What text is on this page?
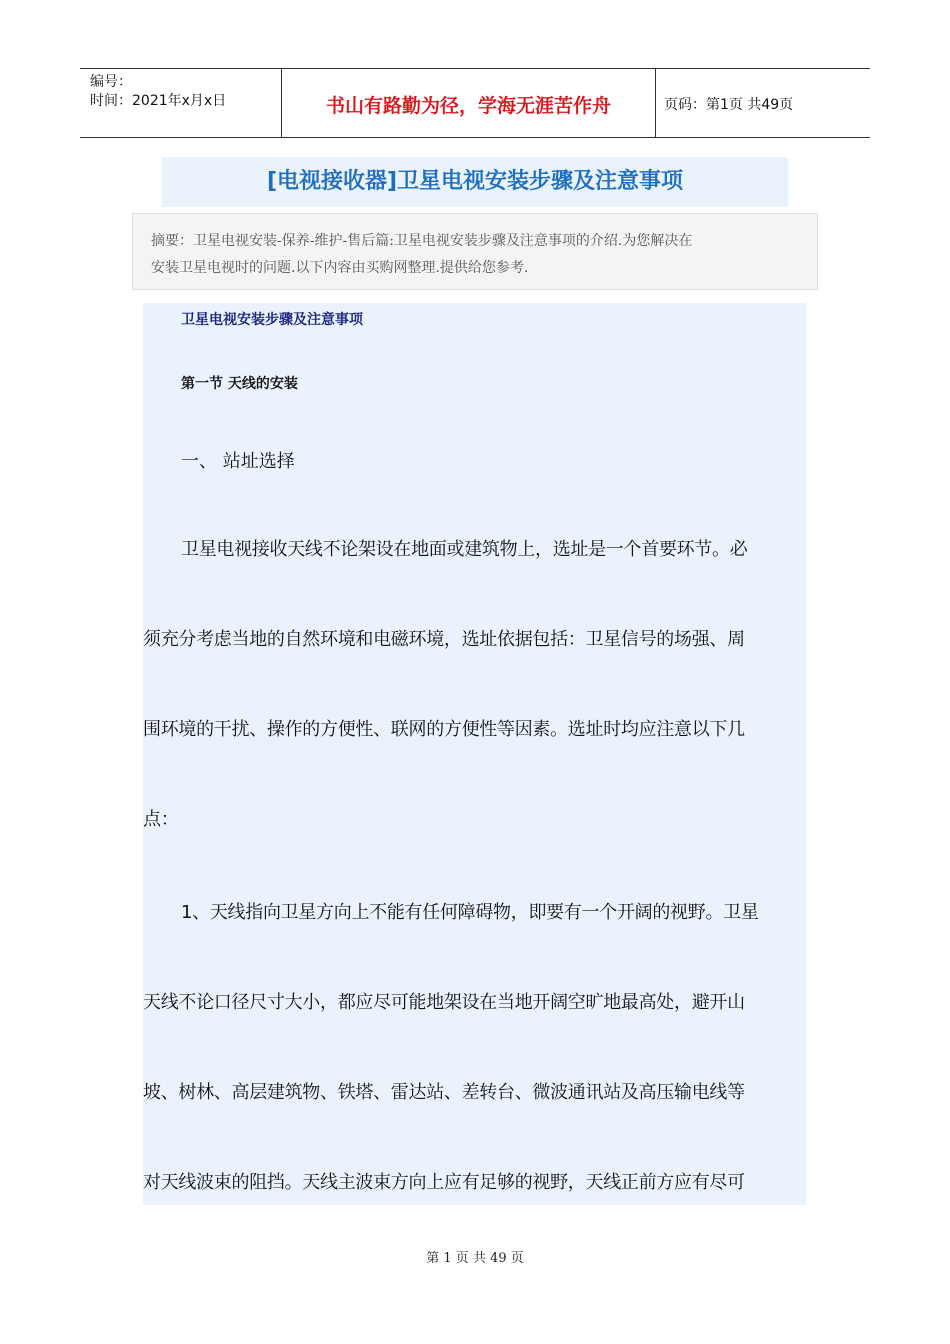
编号：
时间：2021年x月x日	书山有路勤为径，学海无涯苦作舟	页码：第1页 共49页
[电视接收器]卫星电视安装步骤及注意事项
摘要：卫星电视安装-保养-维护-售后篇:卫星电视安装步骤及注意事项的介绍.为您解决在
安装卫星电视时的问题.以下内容由买购网整理.提供给您参考.
卫星电视安装步骤及注意事项
第一节 天线的安装
一、 站址选择
卫星电视接收天线不论架设在地面或建筑物上，选址是一个首要环节。必
须充分考虑当地的自然环境和电磁环境，选址依据包括：卫星信号的场强、周
围环境的干扰、操作的方便性、联网的方便性等因素。选址时均应注意以下几
点：
1、天线指向卫星方向上不能有任何障碍物，即要有一个开阔的视野。卫星
天线不论口径尺寸大小，都应尽可能地架设在当地开阔空旷地最高处，避开山
坡、树林、高层建筑物、铁塔、雷达站、差转台、微波通讯站及高压输电线等
对天线波束的阻挡。天线主波束方向上应有足够的视野，天线正前方应有尽可
第 1 页 共 49 页
